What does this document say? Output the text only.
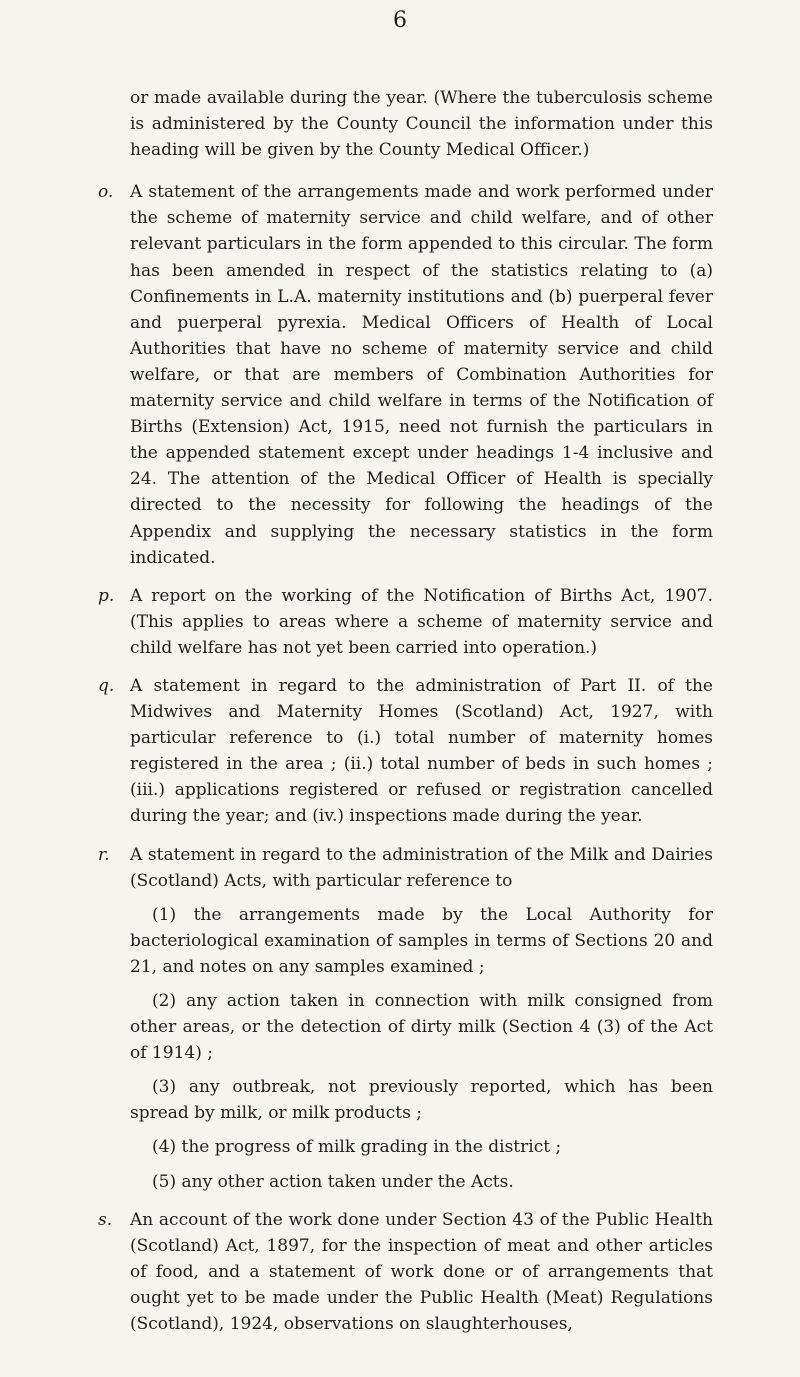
6

or made available during the year. (Where the tuberculosis scheme is administered by the County Council the information under this heading will be given by the County Medical Officer.)

o. A statement of the arrangements made and work performed under the scheme of maternity service and child welfare, and of other relevant particulars in the form appended to this circular. The form has been amended in respect of the statistics relating to (a) Confinements in L.A. maternity institutions and (b) puerperal fever and puerperal pyrexia. Medical Officers of Health of Local Authorities that have no scheme of maternity service and child welfare, or that are members of Combination Authorities for maternity service and child welfare in terms of the Notification of Births (Extension) Act, 1915, need not furnish the particulars in the appended statement except under headings 1-4 inclusive and 24. The attention of the Medical Officer of Health is specially directed to the necessity for following the headings of the Appendix and supplying the necessary statistics in the form indicated.

p. A report on the working of the Notification of Births Act, 1907. (This applies to areas where a scheme of maternity service and child welfare has not yet been carried into operation.)

q. A statement in regard to the administration of Part II. of the Midwives and Maternity Homes (Scotland) Act, 1927, with particular reference to (i.) total number of maternity homes registered in the area ; (ii.) total number of beds in such homes ; (iii.) applications registered or refused or registration cancelled during the year; and (iv.) inspections made during the year.

r. A statement in regard to the administration of the Milk and Dairies (Scotland) Acts, with particular reference to

(1) the arrangements made by the Local Authority for bacteriological examination of samples in terms of Sections 20 and 21, and notes on any samples examined ;

(2) any action taken in connection with milk consigned from other areas, or the detection of dirty milk (Section 4 (3) of the Act of 1914) ;

(3) any outbreak, not previously reported, which has been spread by milk, or milk products ;

(4) the progress of milk grading in the district ;

(5) any other action taken under the Acts.

s. An account of the work done under Section 43 of the Public Health (Scotland) Act, 1897, for the inspection of meat and other articles of food, and a statement of work done or of arrangements that ought yet to be made under the Public Health (Meat) Regulations (Scotland), 1924, observations on slaughterhouses,
